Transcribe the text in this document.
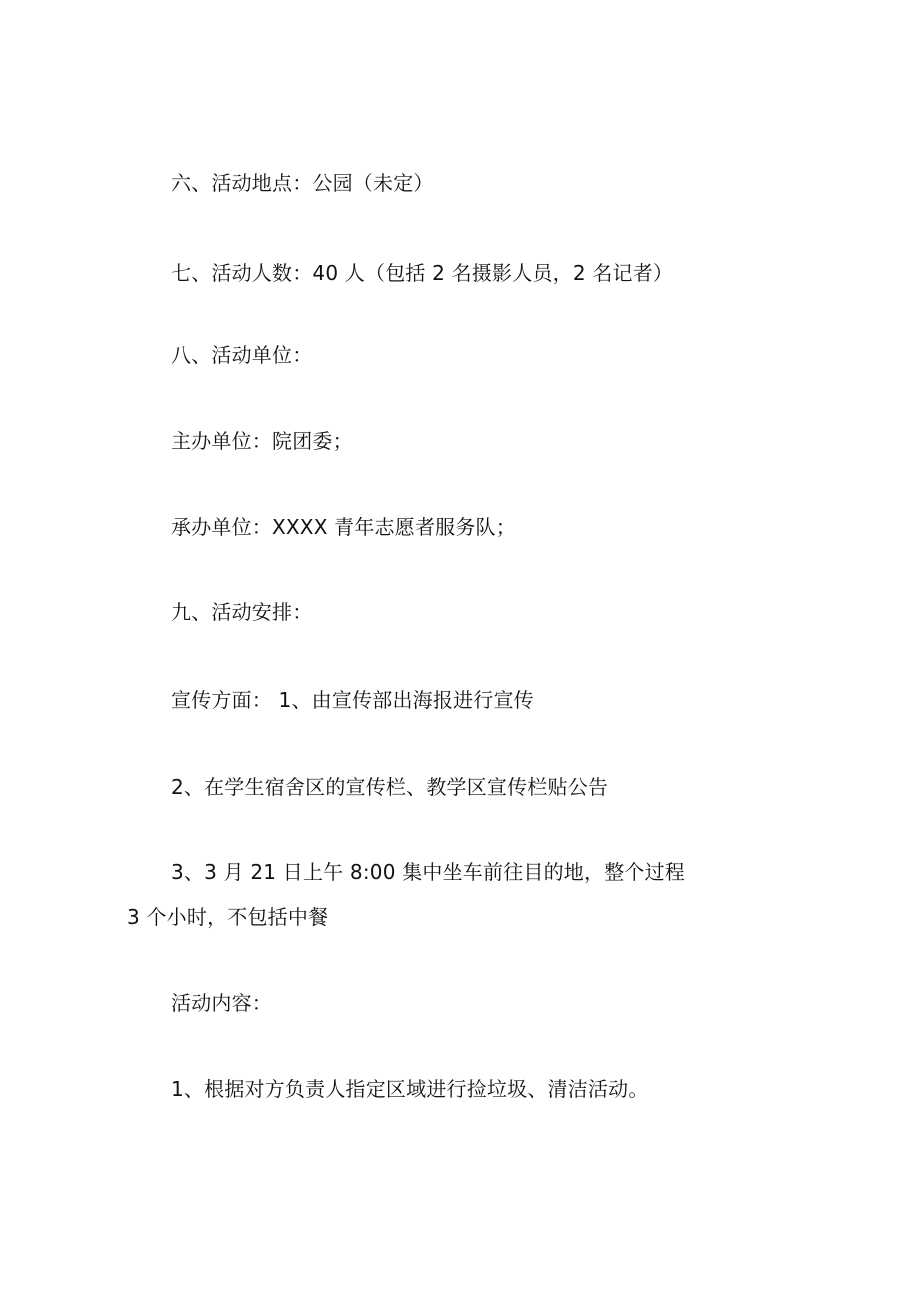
六、活动地点：公园（未定）
七、活动人数：40 人（包括 2 名摄影人员，2 名记者）
八、活动单位：
主办单位：院团委；
承办单位：XXXX 青年志愿者服务队；
九、活动安排：
宣传方面： 1、由宣传部出海报进行宣传
2、在学生宿舍区的宣传栏、教学区宣传栏贴公告
3、3 月 21 日上午 8:00 集中坐车前往目的地，整个过程
3 个小时，不包括中餐
活动内容：
1、根据对方负责人指定区域进行捡垃圾、清洁活动。
